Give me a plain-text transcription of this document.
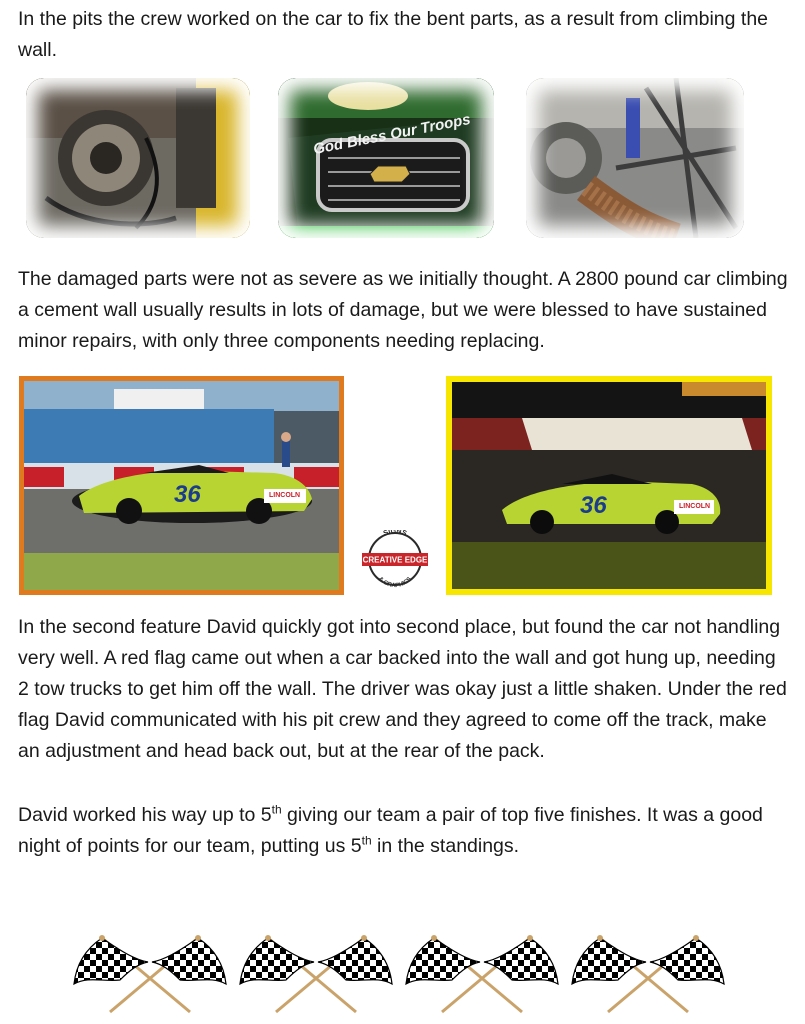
In the pits the crew worked on the car to fix the bent parts, as a result from climbing the wall.

God Bless Our Troops

The damaged parts were not as severe as we initially thought. A 2800 pound car climbing a cement wall usually results in lots of damage, but we were blessed to have sustained minor repairs, with only three components needing replacing.

36	LINCOLN
SIGNS
CREATIVE EDGE
& GRAPHICS
36	LINCOLN

In the second feature David quickly got into second place, but found the car not handling very well. A red flag came out when a car backed into the wall and got hung up, needing 2 tow trucks to get him off the wall. The driver was okay just a little shaken. Under the red flag David communicated with his pit crew and they agreed to come off the track, make an adjustment and head back out, but at the rear of the pack.

David worked his way up to 5th giving our team a pair of top five finishes. It was a good night of points for our team, putting us 5th in the standings.
